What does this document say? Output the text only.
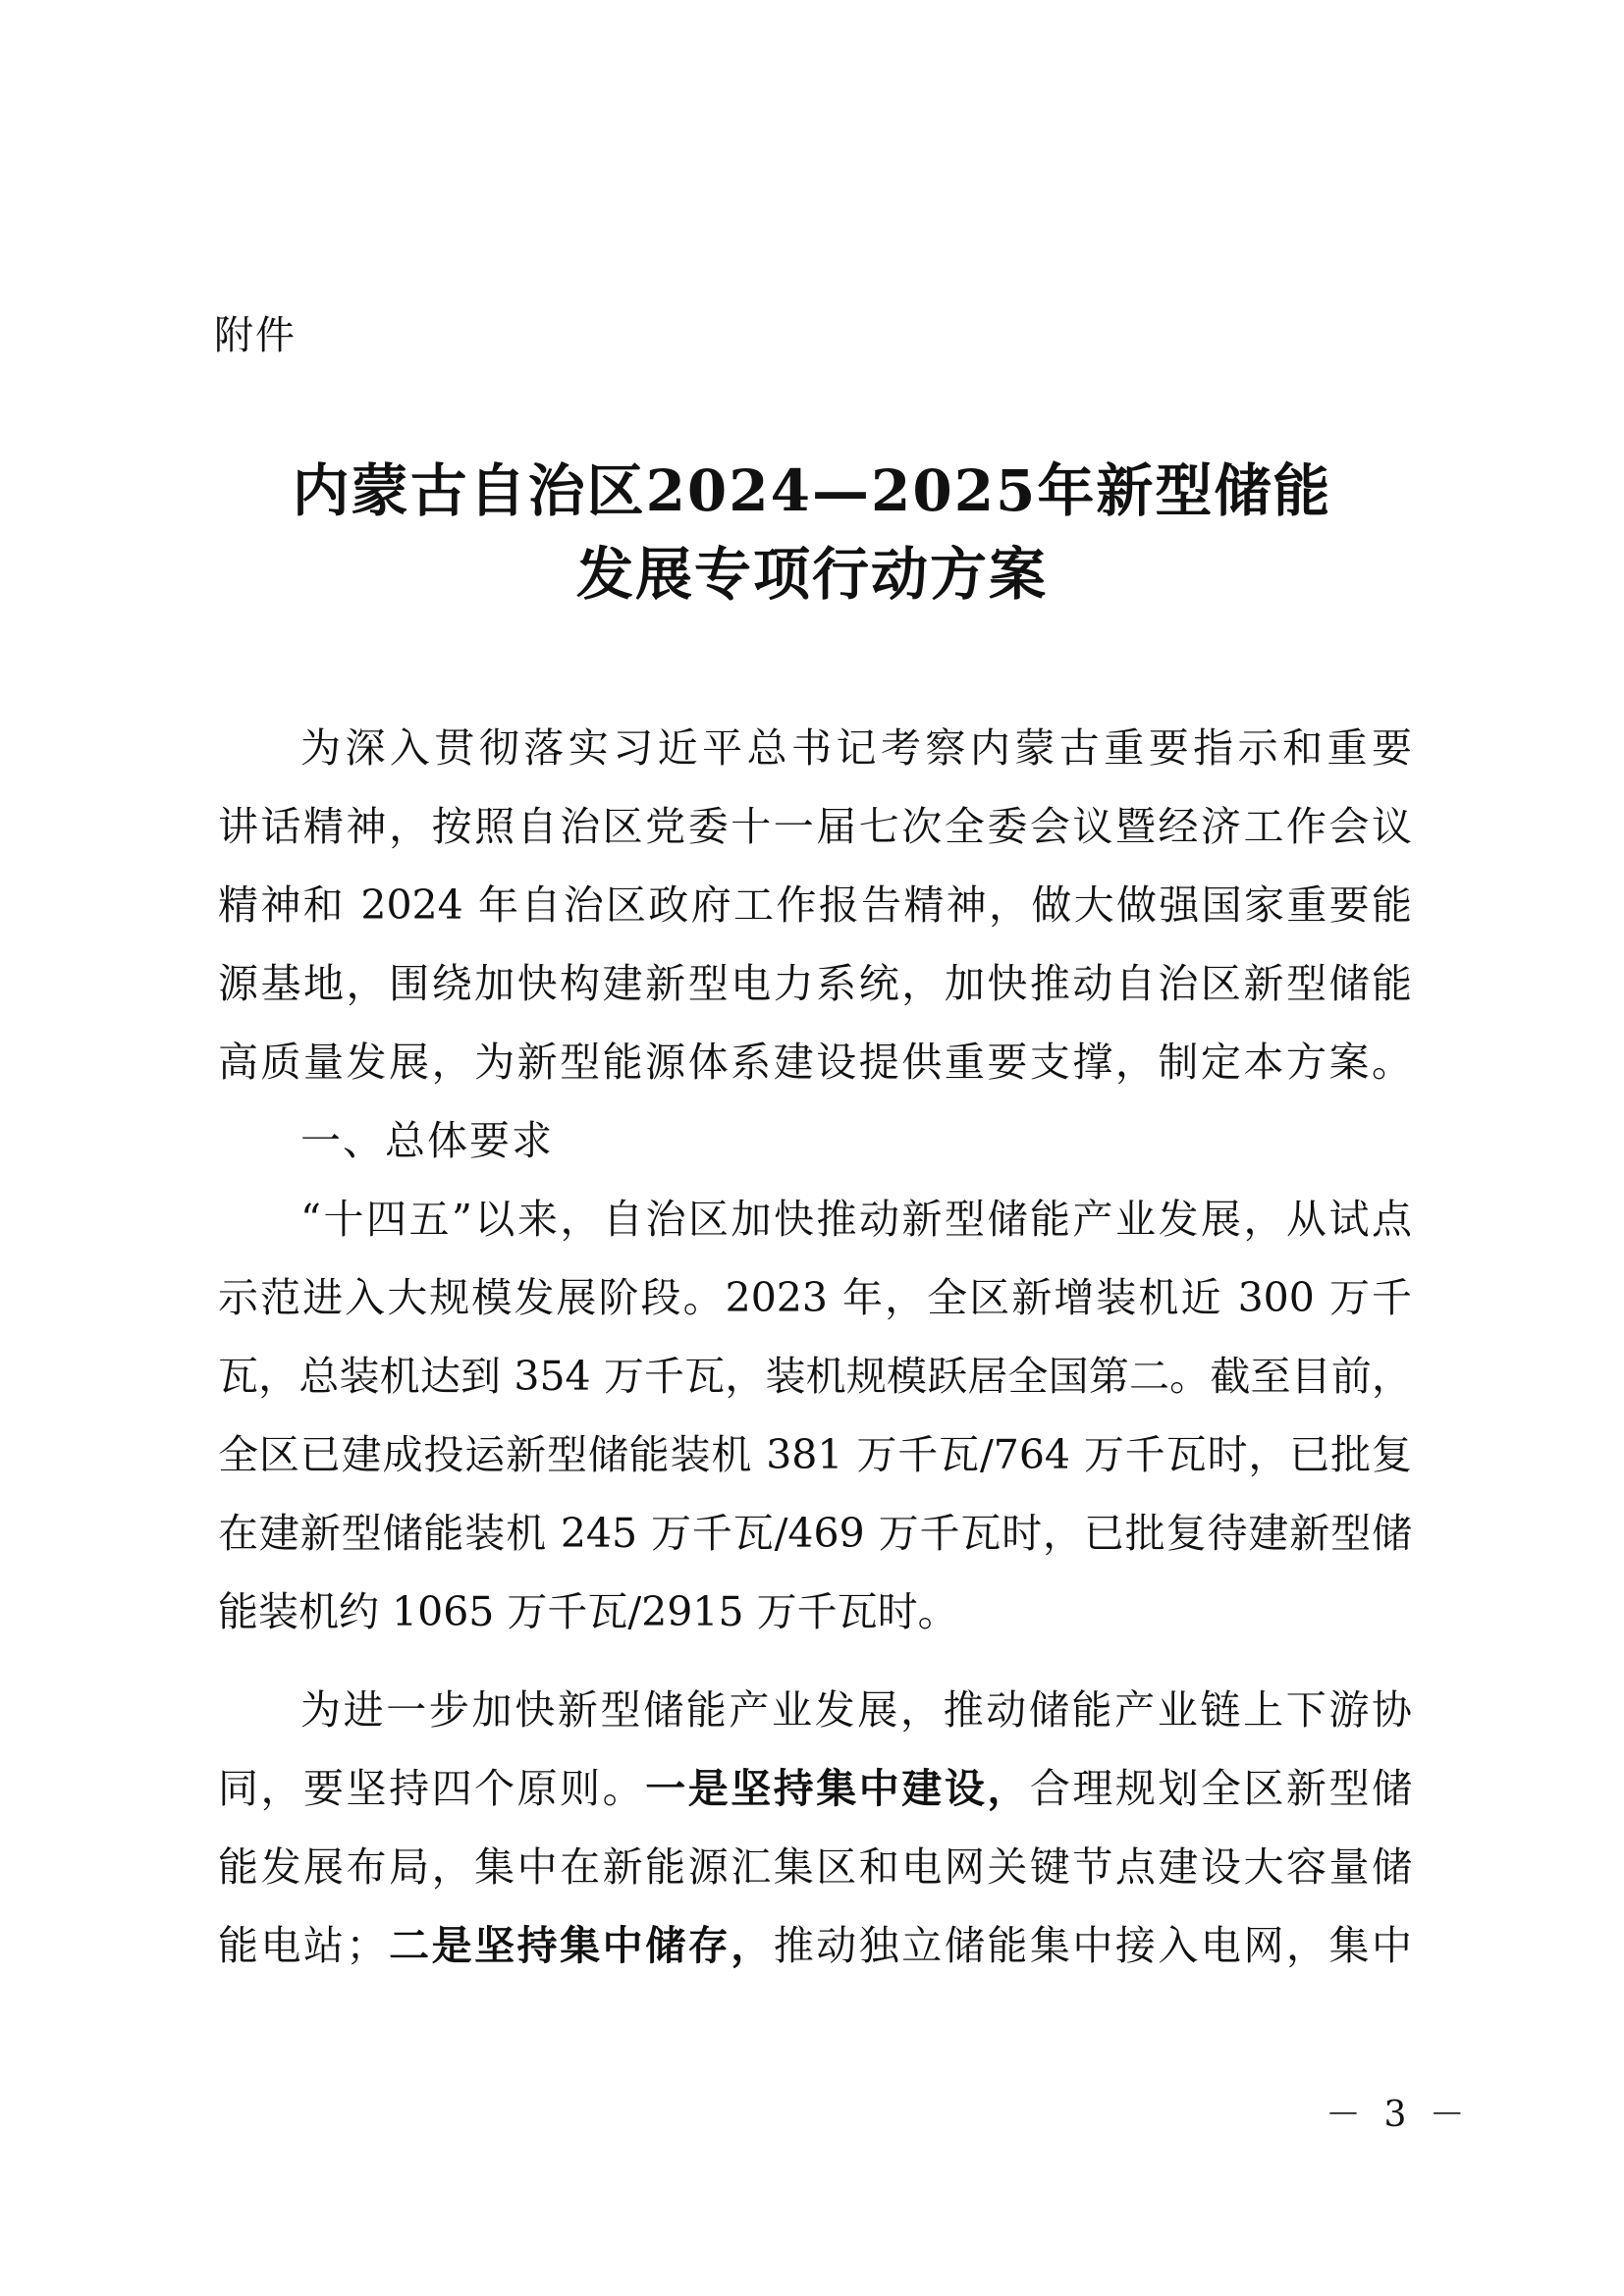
附件
内蒙古自治区2024—2025年新型储能
发展专项行动方案
为深入贯彻落实习近平总书记考察内蒙古重要指示和重要
讲话精神，按照自治区党委十一届七次全委会议暨经济工作会议
精神和 2024 年自治区政府工作报告精神，做大做强国家重要能
源基地，围绕加快构建新型电力系统，加快推动自治区新型储能
高质量发展，为新型能源体系建设提供重要支撑，制定本方案。
一、总体要求
“十四五”以来，自治区加快推动新型储能产业发展，从试点
示范进入大规模发展阶段。2023 年，全区新增装机近 300 万千
瓦，总装机达到 354 万千瓦，装机规模跃居全国第二。截至目前，
全区已建成投运新型储能装机 381 万千瓦/764 万千瓦时，已批复
在建新型储能装机 245 万千瓦/469 万千瓦时，已批复待建新型储
能装机约 1065 万千瓦/2915 万千瓦时。
为进一步加快新型储能产业发展，推动储能产业链上下游协
同，要坚持四个原则。一是坚持集中建设，合理规划全区新型储
能发展布局，集中在新能源汇集区和电网关键节点建设大容量储
能电站；二是坚持集中储存，推动独立储能集中接入电网，集中
－ 3 －
